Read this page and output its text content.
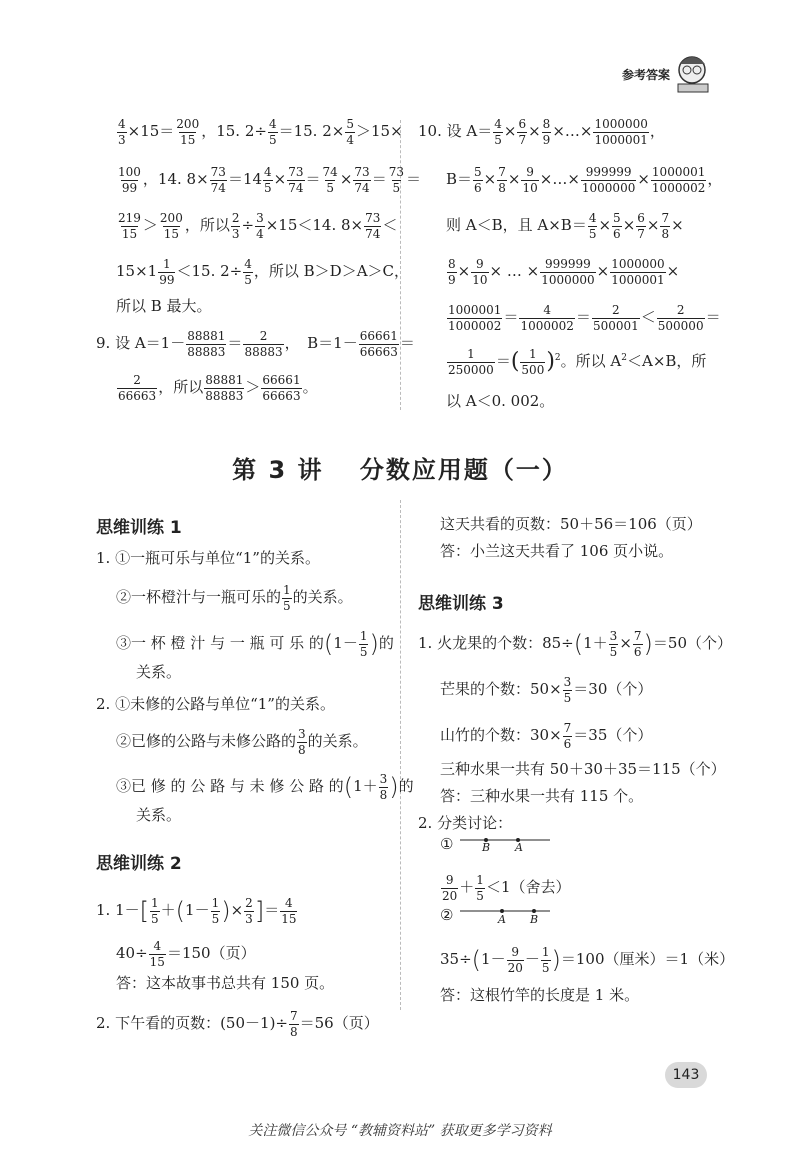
参考答案
$\frac{4}{3} \times 15= \frac{200}{15}$ ，15. $2\div \frac{4}{5} =15$. $2\times \frac{5}{4} >15\times$
$\frac{100}{99}$ ，14. $8\times \frac{73}{74} =14 \frac{4}{5} \times \frac{73}{74} = \frac{74}{5} \times \frac{73}{74} = \frac{73}{5}$ ＝
$\frac{219}{15} > \frac{200}{15}$ ，所以 $\frac{2}{3} \div \frac{3}{4} \times 15<14$. $8\times \frac{73}{74}$ ＜
$15\times 1 \frac{1}{99} <15$. $2\div \frac{4}{5}$ ，所以 B＞D＞A＞C，
所以 B 最大。
9. 设 $A=1- \frac{88881}{88883} = \frac{2}{88883}$ ，　$B=1- \frac{66661}{66663}$ ＝
$\frac{2}{66663}$ ，所以 $\frac{88881}{88883} > \frac{66661}{66663}$ 。
10. 设 $A= \frac{4}{5} \times \frac{6}{7} \times \frac{8}{9}$ ×…× $\frac{1000000}{1000001}$ ，
$B= \frac{5}{6} \times \frac{7}{8} \times \frac{9}{10}$ ×…× $\frac{999999}{1000000} \times \frac{1000001}{1000002}$ ，
则 A＜B，且 $A\times B= \frac{4}{5} \times \frac{5}{6} \times \frac{6}{7} \times \frac{7}{8}$ ×
$\frac{8}{9} \times \frac{9}{10}$ × … × $\frac{999999}{1000000} \times \frac{1000000}{1000001}$ ×
$\frac{1000001}{1000002} = \frac{4}{1000002} = \frac{2}{500001} < \frac{2}{500000}$ ＝
$\frac{1}{250000}$ ＝( $\frac{1}{500} )^2$。所以 $A^2<A\times B$，所
以 A＜0. 002。
第 3 讲　 分数应用题（一）
思维训练 1
1. ①一瓶可乐与单位“1”的关系。
②一杯橙汁与一瓶可乐的 $\frac{1}{5}$ 的关系。
③一 杯 橙 汁 与 一 瓶 可 乐 的($1- \frac{1}{5}$ )的
关系。
2. ①未修的公路与单位“1”的关系。
②已修的公路与未修公路的 $\frac{3}{8}$ 的关系。
③已 修 的 公 路 与 未 修 公 路 的($1+ \frac{3}{8}$ )的
关系。
思维训练 2
1. $1-[ \frac{1}{5} +(1- \frac{1}{5}$ )× $\frac{2}{3}$ ]＝ $\frac{4}{15}$
$40\div \frac{4}{15} =150$（页）
答：这本故事书总共有 150 页。
2. 下午看的页数：$(50-1)\div \frac{7}{8} =56$（页）
这天共看的页数：50＋56＝106（页）
答：小兰这天共看了 106 页小说。
思维训练 3
1. 火龙果的个数：$85\div(1+ \frac{3}{5} \times \frac{7}{6} )=50$（个）
芒果的个数：$50\times \frac{3}{5} =30$（个）
山竹的个数：$30\times \frac{7}{6} =35$（个）
三种水果一共有 50＋30＋35＝115（个）
答：三种水果一共有 115 个。
2. 分类讨论：
①	B A
$\frac{9}{20} + \frac{1}{5} <1$（舍去）
②	A B
$35\div(1- \frac{9}{20} - \frac{1}{5} )=100$（厘米）＝1（米）
答：这根竹竿的长度是 1 米。
143
关注微信公众号 “教辅资料站” 获取更多学习资料
